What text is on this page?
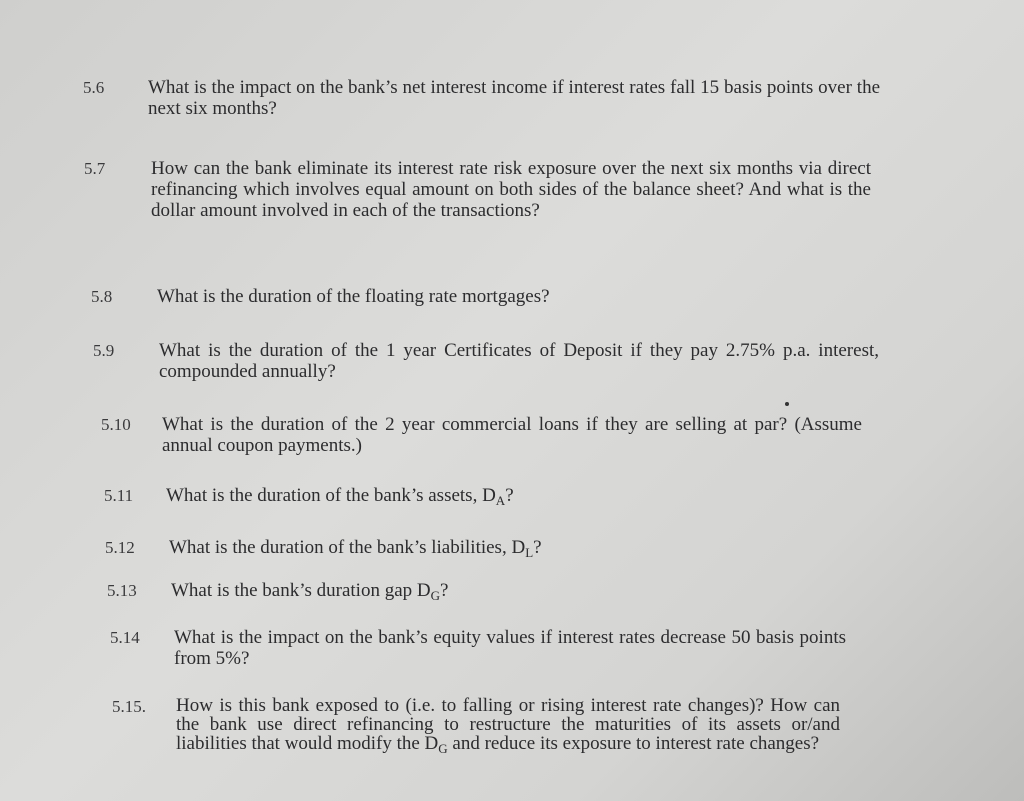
5.6	What is the impact on the bank’s net interest income if interest rates fall 15 basis points over the next six months?
5.7	How can the bank eliminate its interest rate risk exposure over the next six months via direct refinancing which involves equal amount on both sides of the balance sheet? And what is the dollar amount involved in each of the transactions?
5.8	What is the duration of the floating rate mortgages?
5.9	What is the duration of the 1 year Certificates of Deposit if they pay 2.75% p.a. interest, compounded annually?
5.10	What is the duration of the 2 year commercial loans if they are selling at par? (Assume annual coupon payments.)
5.11	What is the duration of the bank’s assets, $D_A$?
5.12	What is the duration of the bank’s liabilities, $D_L$?
5.13	What is the bank’s duration gap $D_G$?
5.14	What is the impact on the bank’s equity values if interest rates decrease 50 basis points from 5%?
5.15.	How is this bank exposed to (i.e. to falling or rising interest rate changes)? How can the bank use direct refinancing to restructure the maturities of its assets or/and liabilities that would modify the $D_G$ and reduce its exposure to interest rate changes?
